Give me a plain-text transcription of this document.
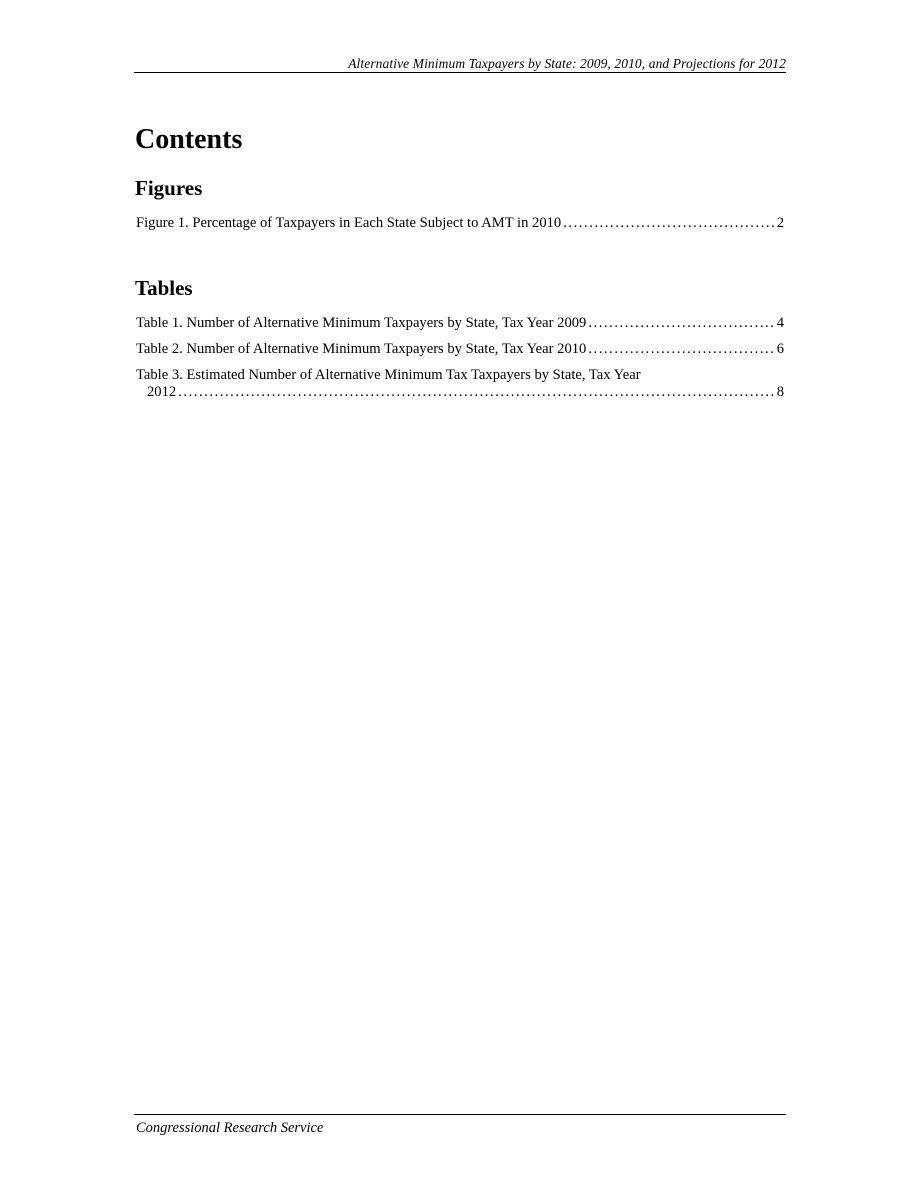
Alternative Minimum Taxpayers by State: 2009, 2010, and Projections for 2012
Contents
Figures
Figure 1. Percentage of Taxpayers in Each State Subject to AMT in 2010 . . .	2
Tables
Table 1. Number of Alternative Minimum Taxpayers by State, Tax Year 2009 . . .	4
Table 2. Number of Alternative Minimum Taxpayers by State, Tax Year 2010 . . .	6
Table 3. Estimated Number of Alternative Minimum Tax Taxpayers by State, Tax Year
2012 . . .	8
Congressional Research Service
